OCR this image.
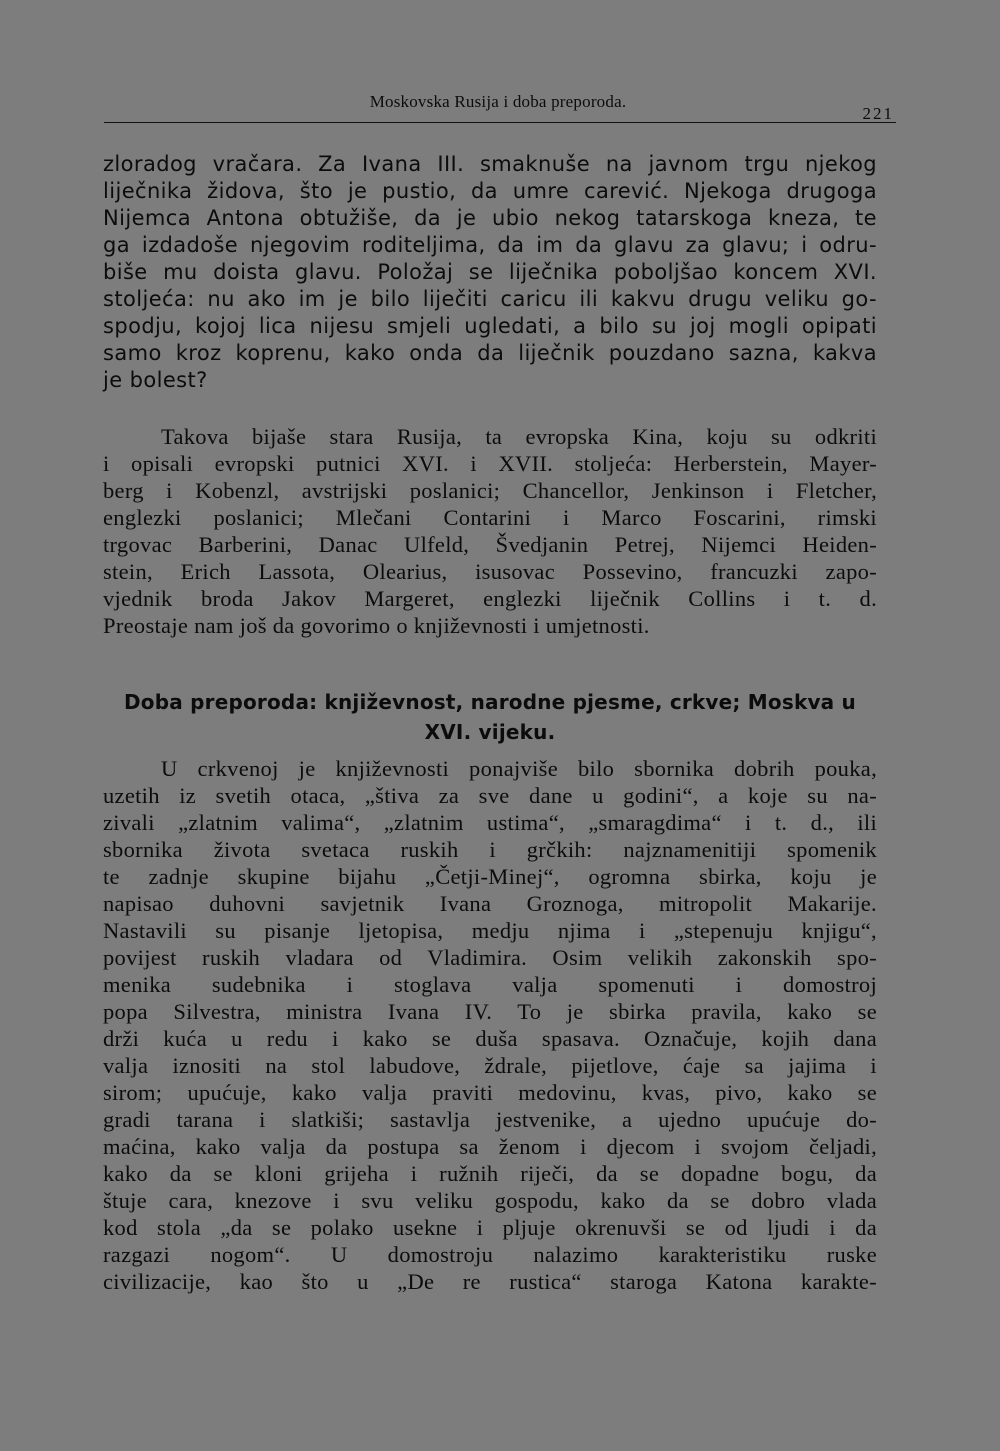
Moskovska Rusija i doba preporoda.
221
zloradog vračara. Za Ivana III. smaknuše na javnom trgu njekog
liječnika židova, što je pustio, da umre carević. Njekoga drugoga
Nijemca Antona obtužiše, da je ubio nekog tatarskoga kneza, te
ga izdadoše njegovim roditeljima, da im da glavu za glavu; i odru-
biše mu doista glavu. Položaj se liječnika poboljšao koncem XVI.
stoljeća: nu ako im je bilo liječiti caricu ili kakvu drugu veliku go-
spodju, kojoj lica nijesu smjeli ugledati, a bilo su joj mogli opipati
samo kroz koprenu, kako onda da liječnik pouzdano sazna, kakva
je bolest?
Takova bijaše stara Rusija, ta evropska Kina, koju su odkriti
i opisali evropski putnici XVI. i XVII. stoljeća: Herberstein, Mayer-
berg i Kobenzl, avstrijski poslanici; Chancellor, Jenkinson i Fletcher,
englezki poslanici; Mlečani Contarini i Marco Foscarini, rimski
trgovac Barberini, Danac Ulfeld, Švedjanin Petrej, Nijemci Heiden-
stein, Erich Lassota, Olearius, isusovac Possevino, francuzki zapo-
vjednik broda Jakov Margeret, englezki liječnik Collins i t. d.
Preostaje nam još da govorimo o književnosti i umjetnosti.
Doba preporoda: književnost, narodne pjesme, crkve; Moskva u
XVI. vijeku.
U crkvenoj je književnosti ponajviše bilo sbornika dobrih pouka,
uzetih iz svetih otaca, „štiva za sve dane u godini“, a koje su na-
zivali „zlatnim valima“, „zlatnim ustima“, „smaragdima“ i t. d., ili
sbornika života svetaca ruskih i grčkih: najznamenitiji spomenik
te zadnje skupine bijahu „Četji-Minej“, ogromna sbirka, koju je
napisao duhovni savjetnik Ivana Groznoga, mitropolit Makarije.
Nastavili su pisanje ljetopisa, medju njima i „stepenuju knjigu“,
povijest ruskih vladara od Vladimira. Osim velikih zakonskih spo-
menika sudebnika i stoglava valja spomenuti i domostroj
popa Silvestra, ministra Ivana IV. To je sbirka pravila, kako se
drži kuća u redu i kako se duša spasava. Označuje, kojih dana
valja iznositi na stol labudove, ždrale, pijetlove, ćaje sa jajima i
sirom; upućuje, kako valja praviti medovinu, kvas, pivo, kako se
gradi tarana i slatkiši; sastavlja jestvenike, a ujedno upućuje do-
maćina, kako valja da postupa sa ženom i djecom i svojom čeljadi,
kako da se kloni grijeha i ružnih riječi, da se dopadne bogu, da
štuje cara, knezove i svu veliku gospodu, kako da se dobro vlada
kod stola „da se polako usekne i pljuje okrenuvši se od ljudi i da
razgazi nogom“. U domostroju nalazimo karakteristiku ruske
civilizacije, kao što u „De re rustica“ staroga Katona karakte-
